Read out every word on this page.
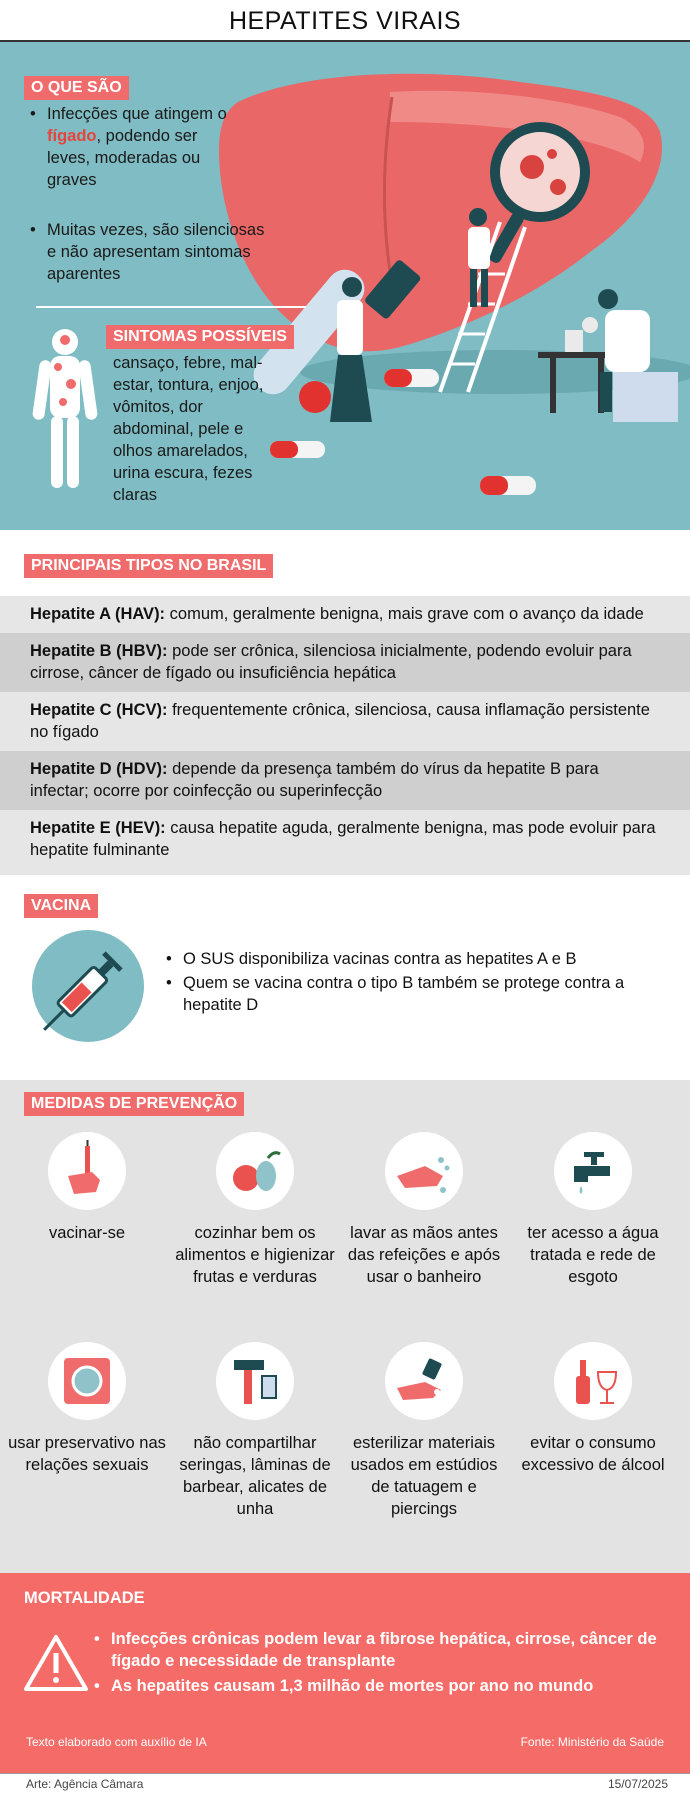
HEPATITES VIRAIS
O QUE SÃO
• Infecções que atingem o fígado, podendo ser leves, moderadas ou graves
• Muitas vezes, são silenciosas e não apresentam sintomas aparentes
SINTOMAS POSSÍVEIS
cansaço, febre, mal-estar, tontura, enjoo, vômitos, dor abdominal, pele e olhos amarelados, urina escura, fezes claras
PRINCIPAIS TIPOS NO BRASIL
Hepatite A (HAV): comum, geralmente benigna, mais grave com o avanço da idade
Hepatite B (HBV): pode ser crônica, silenciosa inicialmente, podendo evoluir para cirrose, câncer de fígado ou insuficiência hepática
Hepatite C (HCV): frequentemente crônica, silenciosa, causa inflamação persistente no fígado
Hepatite D (HDV): depende da presença também do vírus da hepatite B para infectar; ocorre por coinfecção ou superinfecção
Hepatite E (HEV): causa hepatite aguda, geralmente benigna, mas pode evoluir para hepatite fulminante
VACINA
• O SUS disponibiliza vacinas contra as hepatites A e B
• Quem se vacina contra o tipo B também se protege contra a hepatite D
MEDIDAS DE PREVENÇÃO
vacinar-se	cozinhar bem os alimentos e higienizar frutas e verduras
lavar as mãos antes das refeições e após usar o banheiro
ter acesso a água tratada e rede de esgoto
usar preservativo nas relações sexuais
não compartilhar seringas, lâminas de barbear, alicates de unha
esterilizar materiais usados em estúdios de tatuagem e piercings
evitar o consumo excessivo de álcool
MORTALIDADE
• Infecções crônicas podem levar a fibrose hepática, cirrose, câncer de fígado e necessidade de transplante
• As hepatites causam 1,3 milhão de mortes por ano no mundo
Texto elaborado com auxílio de IA	Fonte: Ministério da Saúde
Arte: Agência Câmara	15/07/2025
